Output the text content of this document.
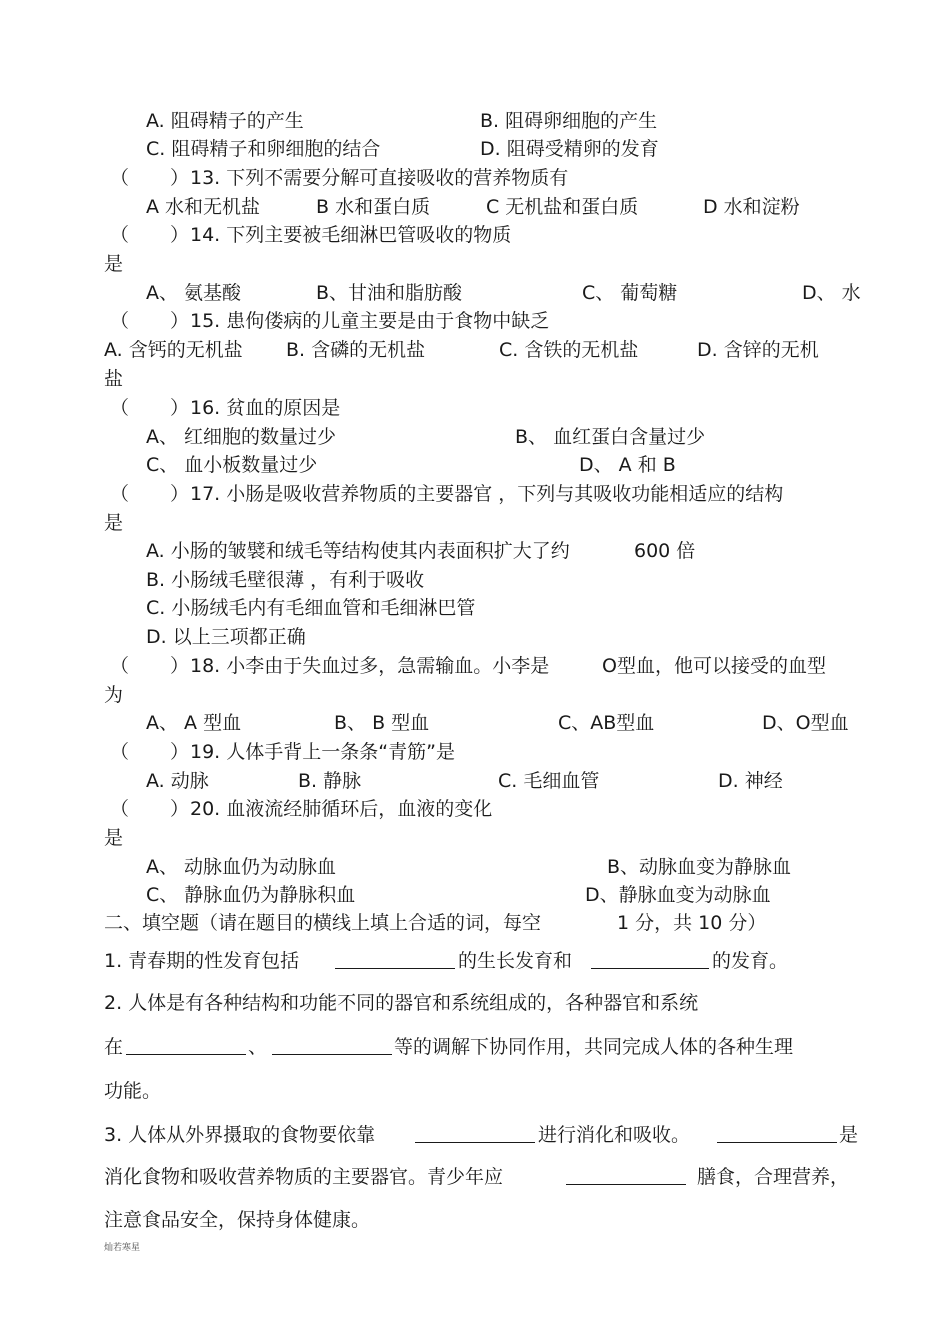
A. 阻碍精子的产生	B. 阻碍卵细胞的产生
C. 阻碍精子和卵细胞的结合	D. 阻碍受精卵的发育
（ ） 13. 下列不需要分解可直接吸收的营养物质有
A 水和无机盐	B 水和蛋白质	C 无机盐和蛋白质	D 水和淀粉
（ ） 14. 下列主要被毛细淋巴管吸收的物质
是
A、 氨基酸	B、甘油和脂肪酸	C、 葡萄糖	D、 水
（ ） 15. 患佝偻病的儿童主要是由于食物中缺乏
A. 含钙的无机盐 B. 含磷的无机盐	C. 含铁的无机盐	D. 含锌的无机
盐
（ ） 16. 贫血的原因是
A、 红细胞的数量过少	B、 血红蛋白含量过少
C、 血小板数量过少	D、 A 和 B
（ ） 17. 小肠是吸收营养物质的主要器官 ，下列与其吸收功能相适应的结构
是
A. 小肠的皱襞和绒毛等结构使其内表面积扩大了约	600 倍
B. 小肠绒毛壁很薄 ，有利于吸收
C. 小肠绒毛内有毛细血管和毛细淋巴管
D. 以上三项都正确
（ ） 18. 小李由于失血过多，急需输血。小李是	O型血，他可以接受的血型
为
A、 A 型血	B、 B 型血	C、AB型血	D、O型血
（ ） 19. 人体手背上一条条“青筋”是
A. 动脉	B. 静脉	C. 毛细血管	D. 神经
（ ） 20. 血液流经肺循环后，血液的变化
是
A、 动脉血仍为动脉血	B、动脉血变为静脉血
C、 静脉血仍为静脉积血	D、静脉血变为动脉血
二、填空题（请在题目的横线上填上合适的词，每空	1 分，共 10 分）
1. 青春期的性发育包括	的生长发育和	的发育。
2. 人体是有各种结构和功能不同的器官和系统组成的，各种器官和系统
在	、	等的调解下协同作用，共同完成人体的各种生理
功能。
3. 人体从外界摄取的食物要依靠	进行消化和吸收。	是
消化食物和吸收营养物质的主要器官。青少年应	膳食，合理营养，
注意食品安全，保持身体健康。
灿若寒星
